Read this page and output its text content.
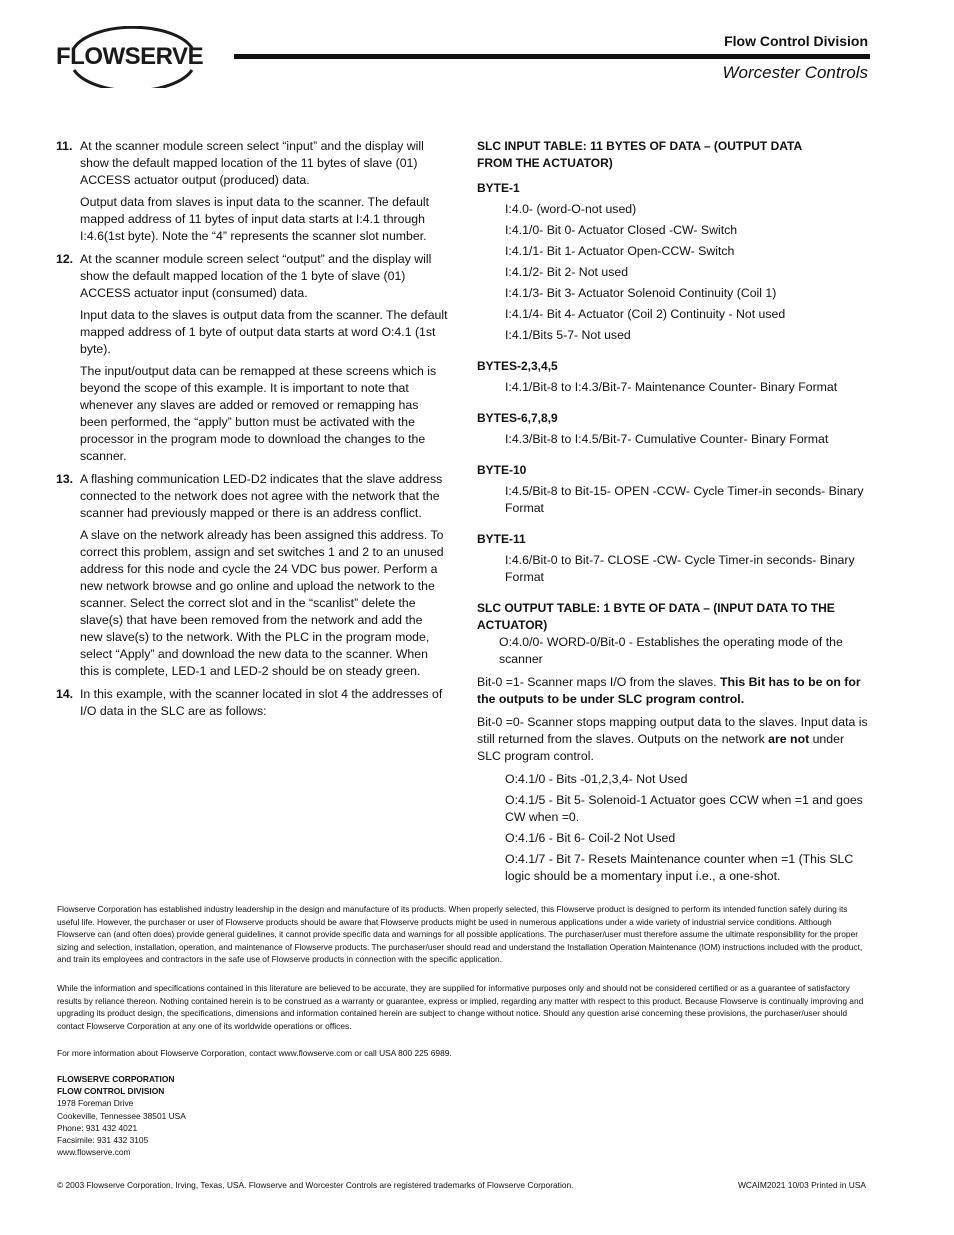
FLOWSERVE
Flow Control Division
Worcester Controls
11. At the scanner module screen select “input” and the display will show the default mapped location of the 11 bytes of slave (01) ACCESS actuator output (produced) data.

Output data from slaves is input data to the scanner. The default mapped address of 11 bytes of input data starts at I:4.1 through I:4.6(1st byte). Note the “4” represents the scanner slot number.

12. At the scanner module screen select “output” and the display will show the default mapped location of the 1 byte of slave (01) ACCESS actuator input (consumed) data.

Input data to the slaves is output data from the scanner. The default mapped address of 1 byte of output data starts at word O:4.1 (1st byte).

The input/output data can be remapped at these screens which is beyond the scope of this example. It is important to note that whenever any slaves are added or removed or remapping has been performed, the “apply” button must be activated with the processor in the program mode to download the changes to the scanner.

13. A flashing communication LED-D2 indicates that the slave address connected to the network does not agree with the network that the scanner had previously mapped or there is an address conflict.

A slave on the network already has been assigned this address. To correct this problem, assign and set switches 1 and 2 to an unused address for this node and cycle the 24 VDC bus power. Perform a new network browse and go online and upload the network to the scanner. Select the correct slot and in the “scanlist” delete the slave(s) that have been removed from the network and add the new slave(s) to the network. With the PLC in the program mode, select “Apply” and download the new data to the scanner. When this is complete, LED-1 and LED-2 should be on steady green.

14. In this example, with the scanner located in slot 4 the addresses of I/O data in the SLC are as follows:

SLC INPUT TABLE: 11 BYTES OF DATA – (OUTPUT DATA

FROM THE ACTUATOR)

BYTE-1

I:4.0- (word-O-not used)

I:4.1/0- Bit 0- Actuator Closed -CW- Switch

I:4.1/1- Bit 1- Actuator Open-CCW- Switch

I:4.1/2- Bit 2- Not used

I:4.1/3- Bit 3- Actuator Solenoid Continuity (Coil 1)

I:4.1/4- Bit 4- Actuator (Coil 2) Continuity - Not used

I:4.1/Bits 5-7- Not used

BYTES-2,3,4,5

I:4.1/Bit-8 to I:4.3/Bit-7- Maintenance Counter- Binary Format

BYTES-6,7,8,9

I:4.3/Bit-8 to I:4.5/Bit-7- Cumulative Counter- Binary Format

BYTE-10

I:4.5/Bit-8 to Bit-15- OPEN -CCW- Cycle Timer-in seconds- Binary Format

BYTE-11

I:4.6/Bit-0 to Bit-7- CLOSE -CW- Cycle Timer-in seconds- Binary Format

SLC OUTPUT TABLE: 1 BYTE OF DATA – (INPUT DATA TO THE ACTUATOR)

O:4.0/0- WORD-0/Bit-0 - Establishes the operating mode of the scanner

Bit-0 =1- Scanner maps I/O from the slaves. This Bit has to be on for the outputs to be under SLC program control.

Bit-0 =0- Scanner stops mapping output data to the slaves. Input data is still returned from the slaves. Outputs on the network are not under SLC program control.

O:4.1/0 - Bits -01,2,3,4- Not Used

O:4.1/5 - Bit 5- Solenoid-1 Actuator goes CCW when =1 and goes CW when =0.

O:4.1/6 - Bit 6- Coil-2 Not Used

O:4.1/7 - Bit 7- Resets Maintenance counter when =1 (This SLC logic should be a momentary input i.e., a one-shot.

Flowserve Corporation has established industry leadership in the design and manufacture of its products. When properly selected, this Flowserve product is designed to perform its intended function safely during its useful life. However, the purchaser or user of Flowserve products should be aware that Flowserve products might be used in numerous applications under a wide variety of industrial service conditions. Although Flowserve can (and often does) provide general guidelines, it cannot provide specific data and warnings for all possible applications. The purchaser/user must therefore assume the ultimate responsibility for the proper sizing and selection, installation, operation, and maintenance of Flowserve products. The purchaser/user should read and understand the Installation Operation Maintenance (IOM) instructions included with the product, and train its employees and contractors in the safe use of Flowserve products in connection with the specific application.

While the information and specifications contained in this literature are believed to be accurate, they are supplied for informative purposes only and should not be considered certified or as a guarantee of satisfactory results by reliance thereon. Nothing contained herein is to be construed as a warranty or guarantee, express or implied, regarding any matter with respect to this product. Because Flowserve is continually improving and upgrading its product design, the specifications, dimensions and information contained herein are subject to change without notice. Should any question arise concerning these provisions, the purchaser/user should contact Flowserve Corporation at any one of its worldwide operations or offices.

For more information about Flowserve Corporation, contact www.flowserve.com or call USA 800 225 6989.

FLOWSERVE CORPORATION
FLOW CONTROL DIVISION
1978 Foreman Drive
Cookeville, Tennessee 38501 USA
Phone: 931 432 4021
Facsimile: 931 432 3105
www.flowserve.com
© 2003 Flowserve Corporation, Irving, Texas, USA. Flowserve and Worcester Controls are registered trademarks of Flowserve Corporation.	WCAIM2021 10/03 Printed in USA
